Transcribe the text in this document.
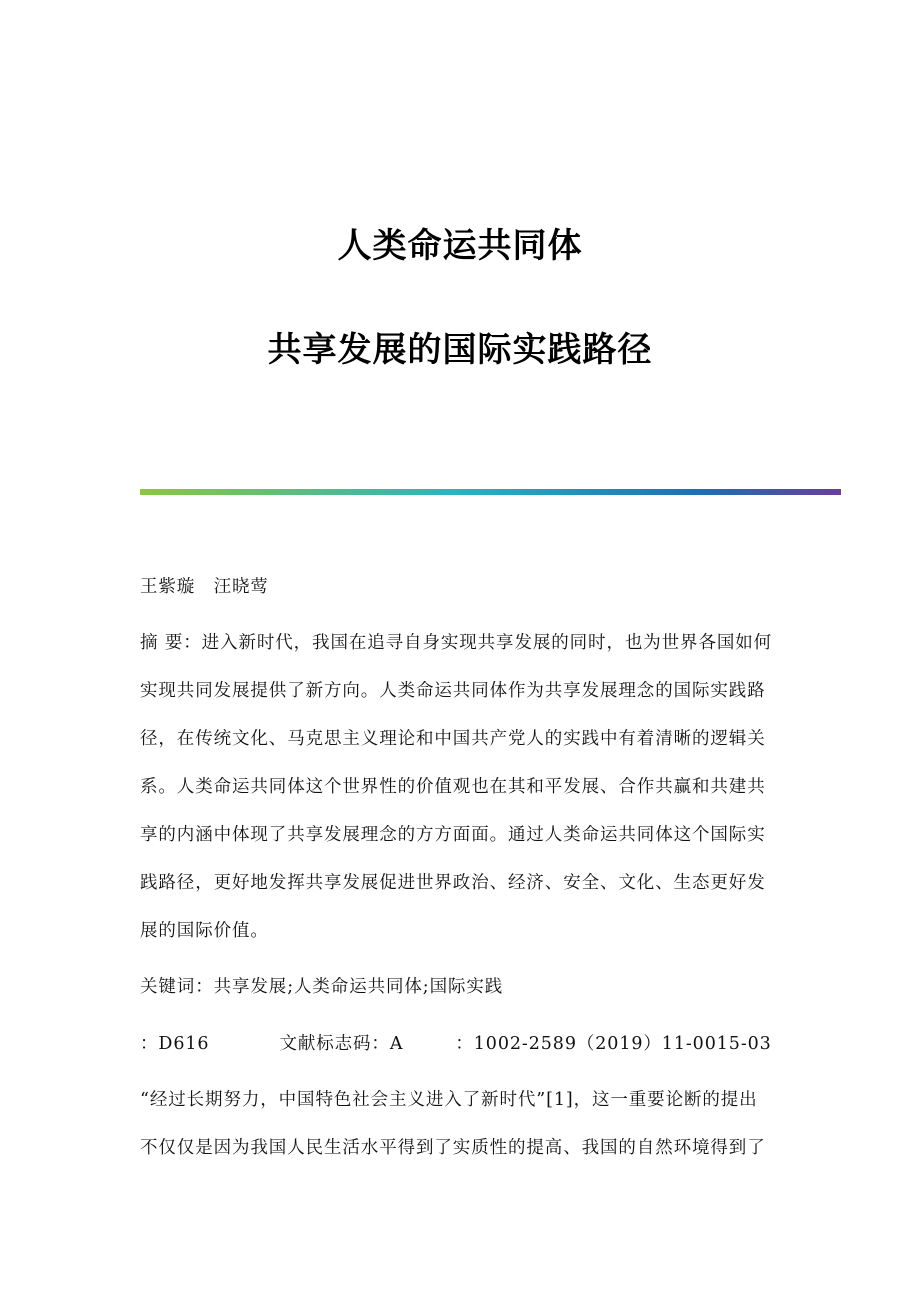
人类命运共同体
共享发展的国际实践路径
王紫璇　汪晓莺
摘 要：进入新时代，我国在追寻自身实现共享发展的同时，也为世界各国如何
实现共同发展提供了新方向。人类命运共同体作为共享发展理念的国际实践路
径，在传统文化、马克思主义理论和中国共产党人的实践中有着清晰的逻辑关
系。人类命运共同体这个世界性的价值观也在其和平发展、合作共赢和共建共
享的内涵中体现了共享发展理念的方方面面。通过人类命运共同体这个国际实
践路径，更好地发挥共享发展促进世界政治、经济、安全、文化、生态更好发
展的国际价值。
关键词：共享发展;人类命运共同体;国际实践
：D616	文献标志码：A	：1002-2589（2019）11-0015-03
“经过长期努力，中国特色社会主义进入了新时代”[1]，这一重要论断的提出
不仅仅是因为我国人民生活水平得到了实质性的提高、我国的自然环境得到了
